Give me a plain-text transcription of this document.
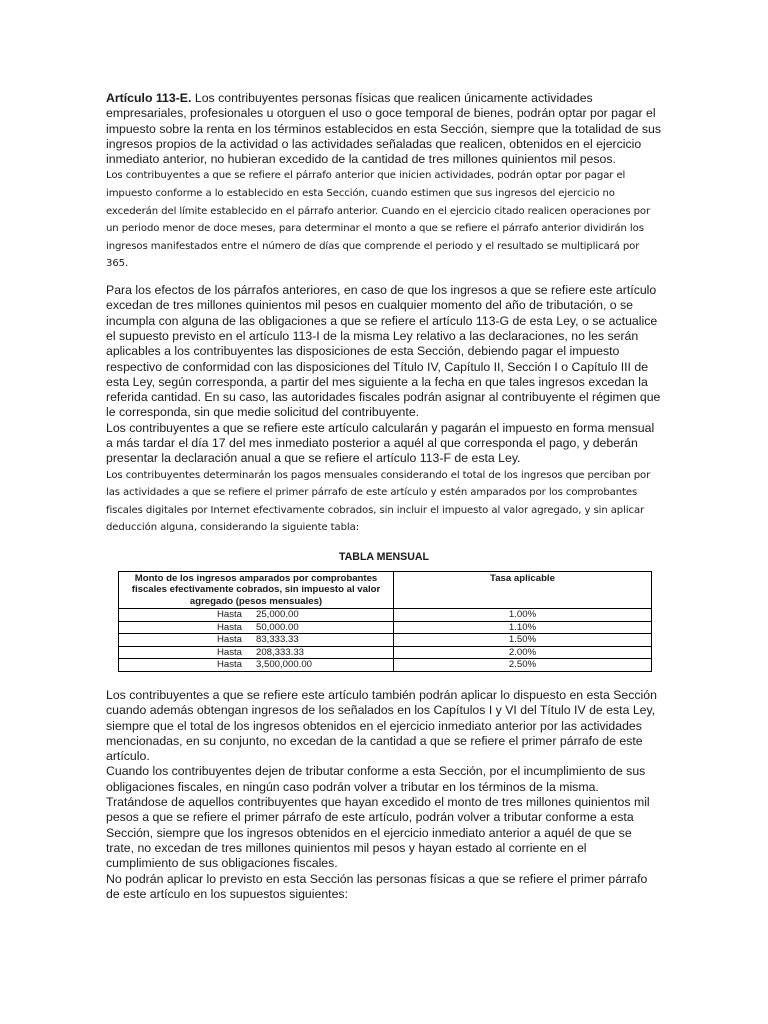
Artículo 113-E. Los contribuyentes personas físicas que realicen únicamente actividades empresariales, profesionales u otorguen el uso o goce temporal de bienes, podrán optar por pagar el impuesto sobre la renta en los términos establecidos en esta Sección, siempre que la totalidad de sus ingresos propios de la actividad o las actividades señaladas que realicen, obtenidos en el ejercicio inmediato anterior, no hubieran excedido de la cantidad de tres millones quinientos mil pesos.

Los contribuyentes a que se refiere el párrafo anterior que inicien actividades, podrán optar por pagar el impuesto conforme a lo establecido en esta Sección, cuando estimen que sus ingresos del ejercicio no excederán del límite establecido en el párrafo anterior. Cuando en el ejercicio citado realicen operaciones por un periodo menor de doce meses, para determinar el monto a que se refiere el párrafo anterior dividirán los ingresos manifestados entre el número de días que comprende el periodo y el resultado se multiplicará por 365.

Para los efectos de los párrafos anteriores, en caso de que los ingresos a que se refiere este artículo excedan de tres millones quinientos mil pesos en cualquier momento del año de tributación, o se incumpla con alguna de las obligaciones a que se refiere el artículo 113-G de esta Ley, o se actualice el supuesto previsto en el artículo 113-I de la misma Ley relativo a las declaraciones, no les serán aplicables a los contribuyentes las disposiciones de esta Sección, debiendo pagar el impuesto respectivo de conformidad con las disposiciones del Título IV, Capítulo II, Sección I o Capítulo III de esta Ley, según corresponda, a partir del mes siguiente a la fecha en que tales ingresos excedan la referida cantidad. En su caso, las autoridades fiscales podrán asignar al contribuyente el régimen que le corresponda, sin que medie solicitud del contribuyente.

Los contribuyentes a que se refiere este artículo calcularán y pagarán el impuesto en forma mensual a más tardar el día 17 del mes inmediato posterior a aquél al que corresponda el pago, y deberán presentar la declaración anual a que se refiere el artículo 113-F de esta Ley.

Los contribuyentes determinarán los pagos mensuales considerando el total de los ingresos que perciban por las actividades a que se refiere el primer párrafo de este artículo y estén amparados por los comprobantes fiscales digitales por Internet efectivamente cobrados, sin incluir el impuesto al valor agregado, y sin aplicar deducción alguna, considerando la siguiente tabla:

TABLA MENSUAL
Monto de los ingresos amparados por comprobantes fiscales efectivamente cobrados, sin impuesto al valor agregado (pesos mensuales)	Tasa aplicable
Hasta 25,000.00	1.00%
Hasta 50,000.00	1.10%
Hasta 83,333.33	1.50%
Hasta 208,333.33	2.00%
Hasta 3,500,000.00	2.50%

Los contribuyentes a que se refiere este artículo también podrán aplicar lo dispuesto en esta Sección cuando además obtengan ingresos de los señalados en los Capítulos I y VI del Título IV de esta Ley, siempre que el total de los ingresos obtenidos en el ejercicio inmediato anterior por las actividades mencionadas, en su conjunto, no excedan de la cantidad a que se refiere el primer párrafo de este artículo.

Cuando los contribuyentes dejen de tributar conforme a esta Sección, por el incumplimiento de sus obligaciones fiscales, en ningún caso podrán volver a tributar en los términos de la misma.

Tratándose de aquellos contribuyentes que hayan excedido el monto de tres millones quinientos mil pesos a que se refiere el primer párrafo de este artículo, podrán volver a tributar conforme a esta Sección, siempre que los ingresos obtenidos en el ejercicio inmediato anterior a aquél de que se trate, no excedan de tres millones quinientos mil pesos y hayan estado al corriente en el cumplimiento de sus obligaciones fiscales.

No podrán aplicar lo previsto en esta Sección las personas físicas a que se refiere el primer párrafo de este artículo en los supuestos siguientes:
